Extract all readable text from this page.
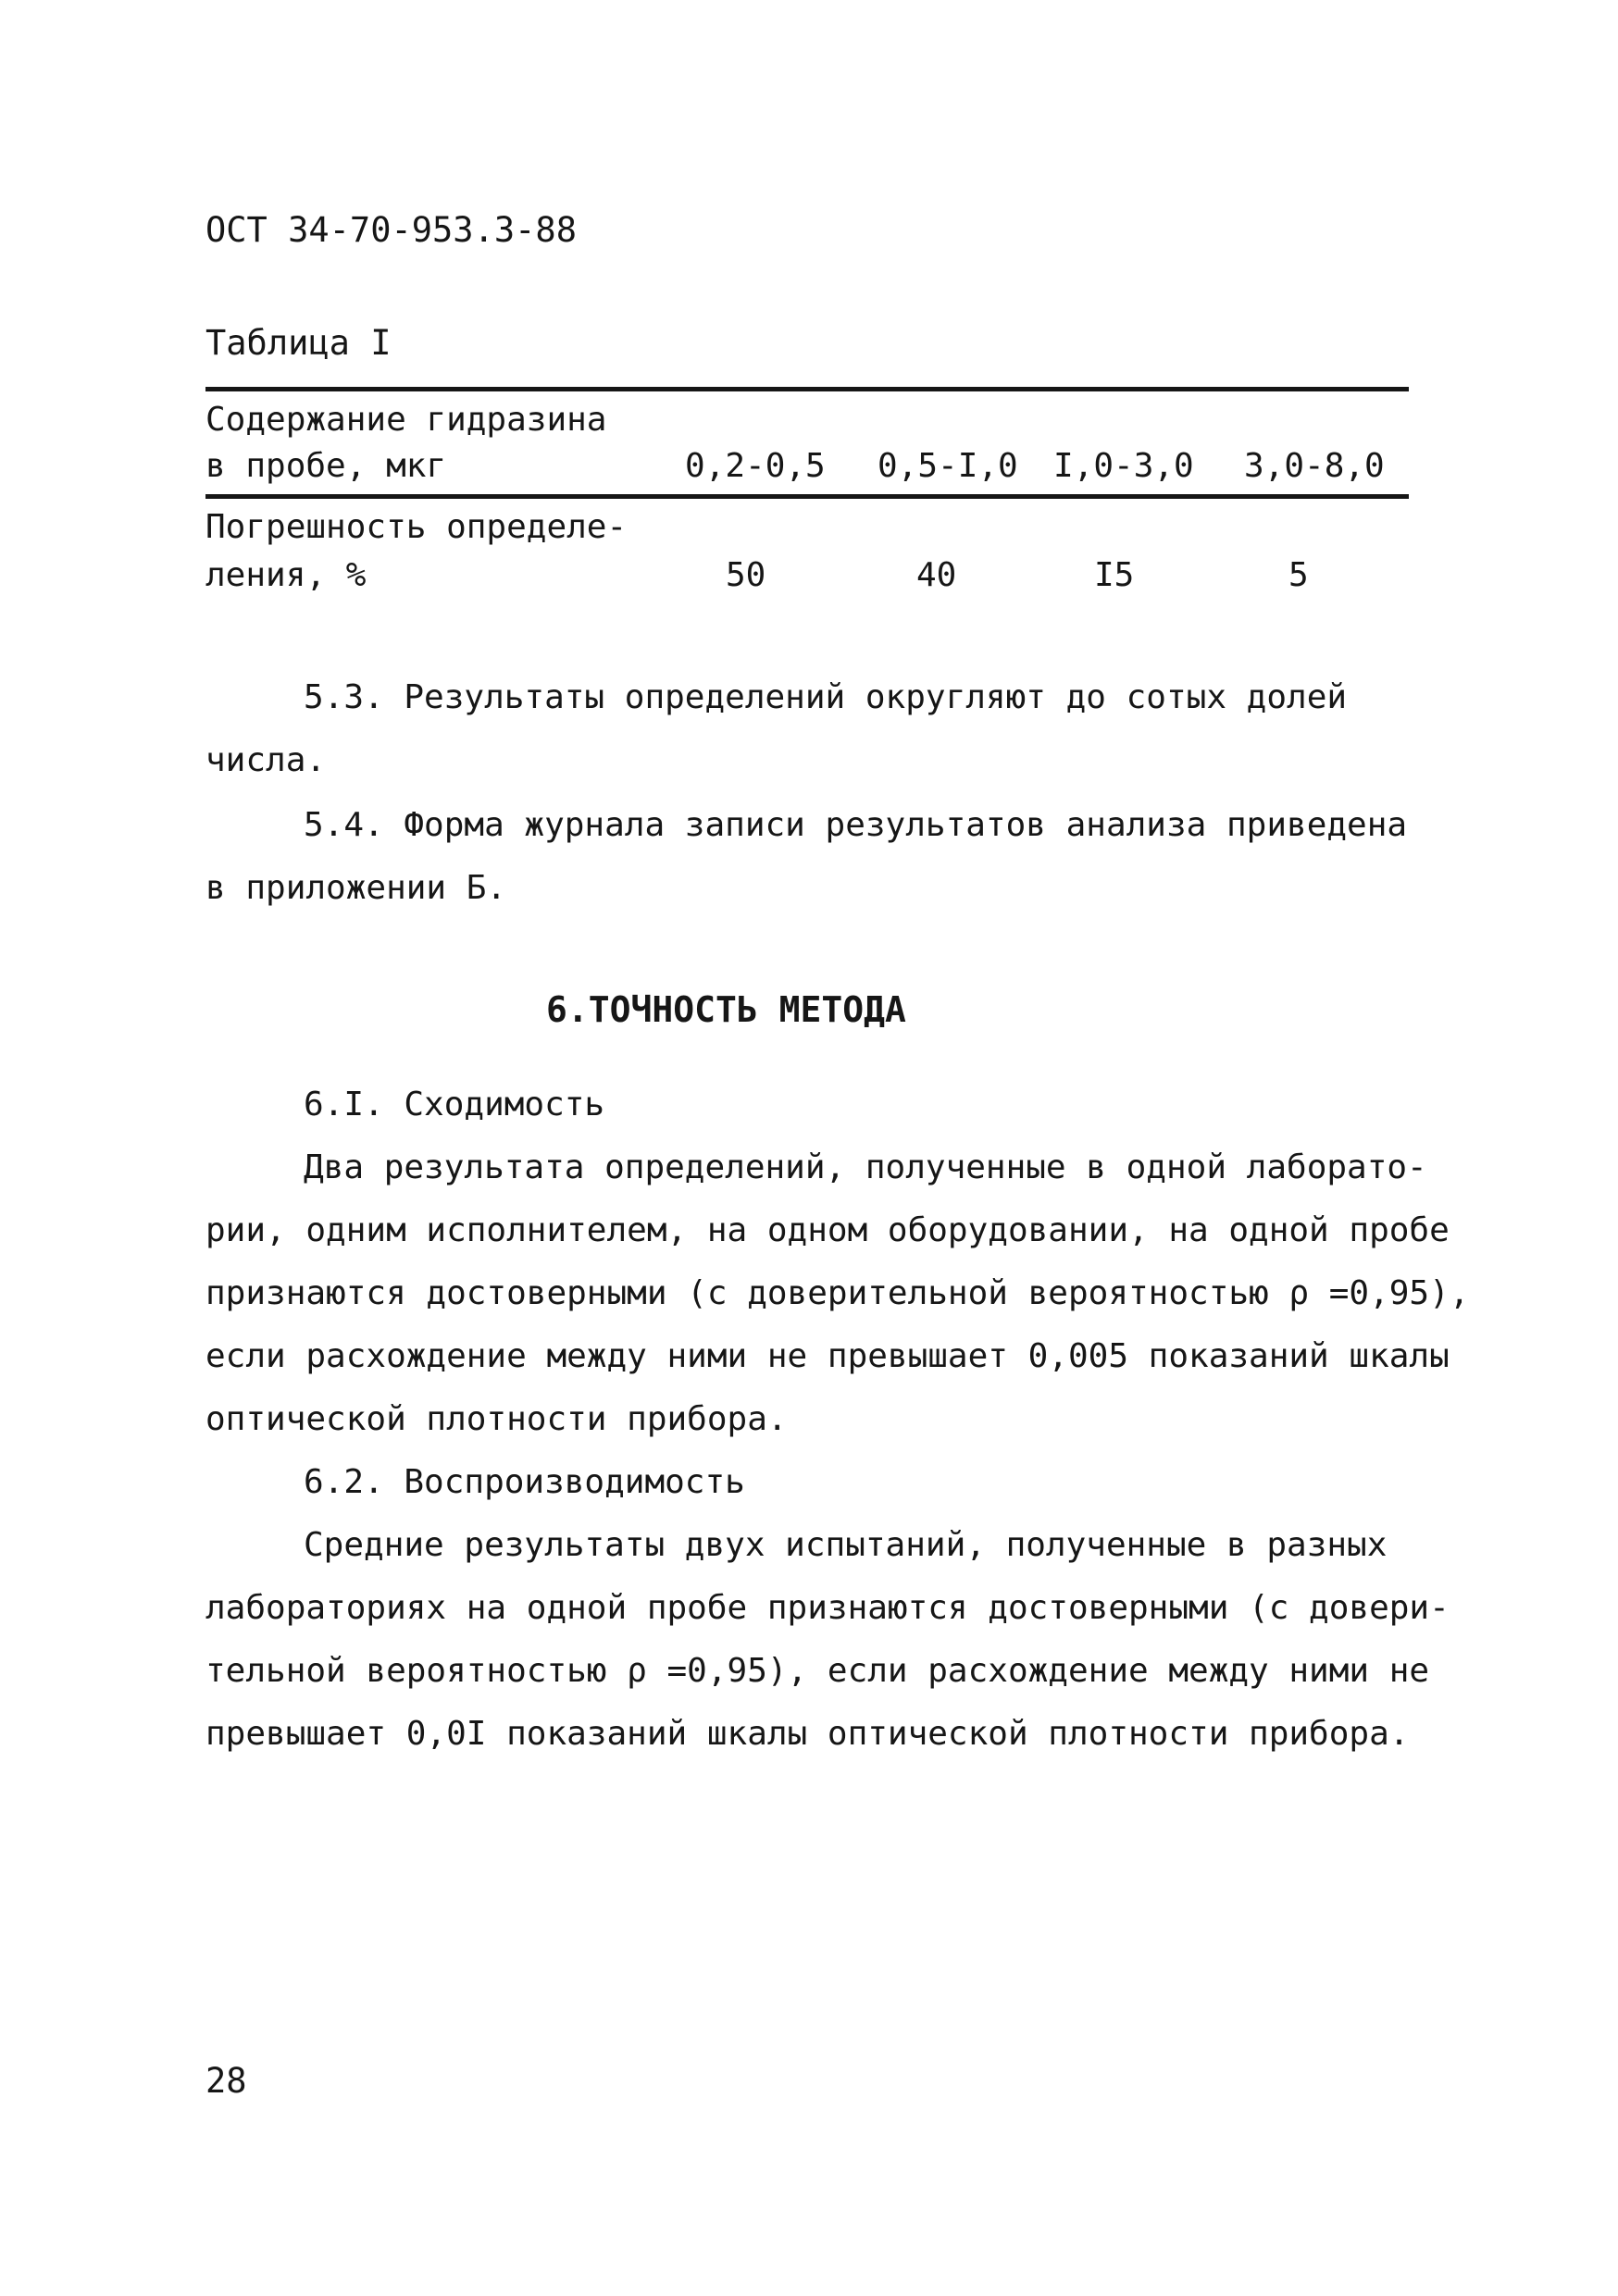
ОСТ 34-70-953.3-88
Таблица I
Содержание гидразина
в пробе, мкг	0,2-0,5 0,5-I,0 I,0-3,0 3,0-8,0
Погрешность определе-
ления, %	50	40	I5	5
5.3. Результаты определений округляют до сотых долей
числа.
5.4. Форма журнала записи результатов анализа приведена
в приложении Б.
6.ТОЧНОСТЬ МЕТОДА
6.I. Сходимость
Два результата определений, полученные в одной лаборато-
рии, одним исполнителем, на одном оборудовании, на одной пробе
признаются достоверными (с доверительной вероятностью ρ =0,95),
если расхождение между ними не превышает 0,005 показаний шкалы
оптической плотности прибора.
6.2. Воспроизводимость
Средние результаты двух испытаний, полученные в разных
лабораториях на одной пробе признаются достоверными (с довери-
тельной вероятностью ρ =0,95), если расхождение между ними не
превышает 0,0I показаний шкалы оптической плотности прибора.
28
